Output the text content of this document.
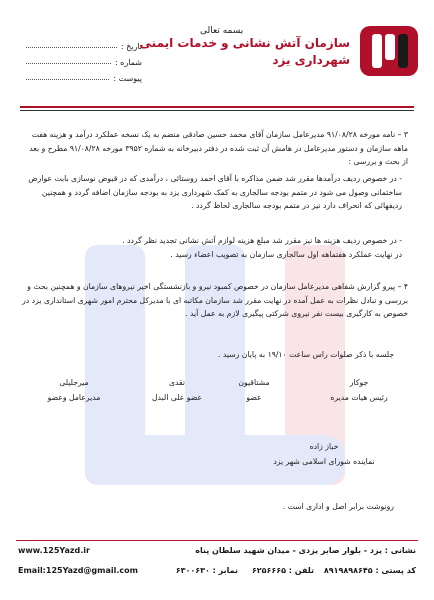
بسمه تعالی
تاریخ :
شماره :
پیوست :
سازمان آتش نشانی و خدمات ایمنی
شهرداری یزد
۳ – نامه مورخه ۹۱/۰۸/۲۸ مدیرعامل سازمان آقای محمد حسین صادقی منضم به یک نسخه عملکرد درآمد و هزینه هفت ماهه سازمان و دستور مدیرعامل در هامش آن ثبت شده در دفتر دبیرخانه به شماره ۳۹۵۲ مورخه ۹۱/۰۸/۲۸ مطرح و بعد از بحث و بررسی :
- در خصوص ردیف درآمدها مقرر شد ضمن مذاکره با آقای احمد روستائی ، درآمدی که در قبوض نوسازی بابت عوارض ساختمانی وصول می شود در متمم بودجه سالجاری به کمک شهرداری یزد به بودجه سازمان اضافه گردد و همچنین ردیفهائی که انحراف دارد نیز در متمم بودجه سالجاری لحاظ گردد .
- در خصوص ردیف هزینه ها نیز مقرر شد مبلغ هزینه لوازم آتش نشانی تجدید نظر گردد .
در نهایت عملکرد هفتماهه اول سالجاری سازمان به تصویب اعضاء رسید .
۴ – پیرو گزارش شفاهی مدیرعامل سازمان در خصوص کمبود نیرو و بازنشستگی اخیر نیروهای سازمان و همچنین بحث و بررسی و تبادل نظرات به عمل آمده در نهایت مقرر شد سازمان مکاتبه ای با مدیرکل محترم امور شهری استانداری یزد در خصوص به کارگیری بیست نفر نیروی شرکتی پیگیری لازم به عمل آید .
جلسه با ذکر صلوات راس ساعت ۱۹/۱۰ به پایان رسید .
جوکار
رئیس هیات مدیره
مشتاقیون
عضو
نقدی
عضو علی البدل
میرجلیلی
مدیرعامل وعضو
خباز زاده
نماینده شورای اسلامی شهر یزد
رونوشت برابر اصل و اداری است .
نشانی : یزد - بلوار صابر یزدی - میدان شهید سلطان پناه
کد پستی : ۸۹۱۹۸۹۸۶۴۵
تلفن : ۶۲۵۶۶۶۵
نمابر : ۶۳۰۰۶۳۰
www.125Yazd.ir
Email:125Yazd@gmail.com
